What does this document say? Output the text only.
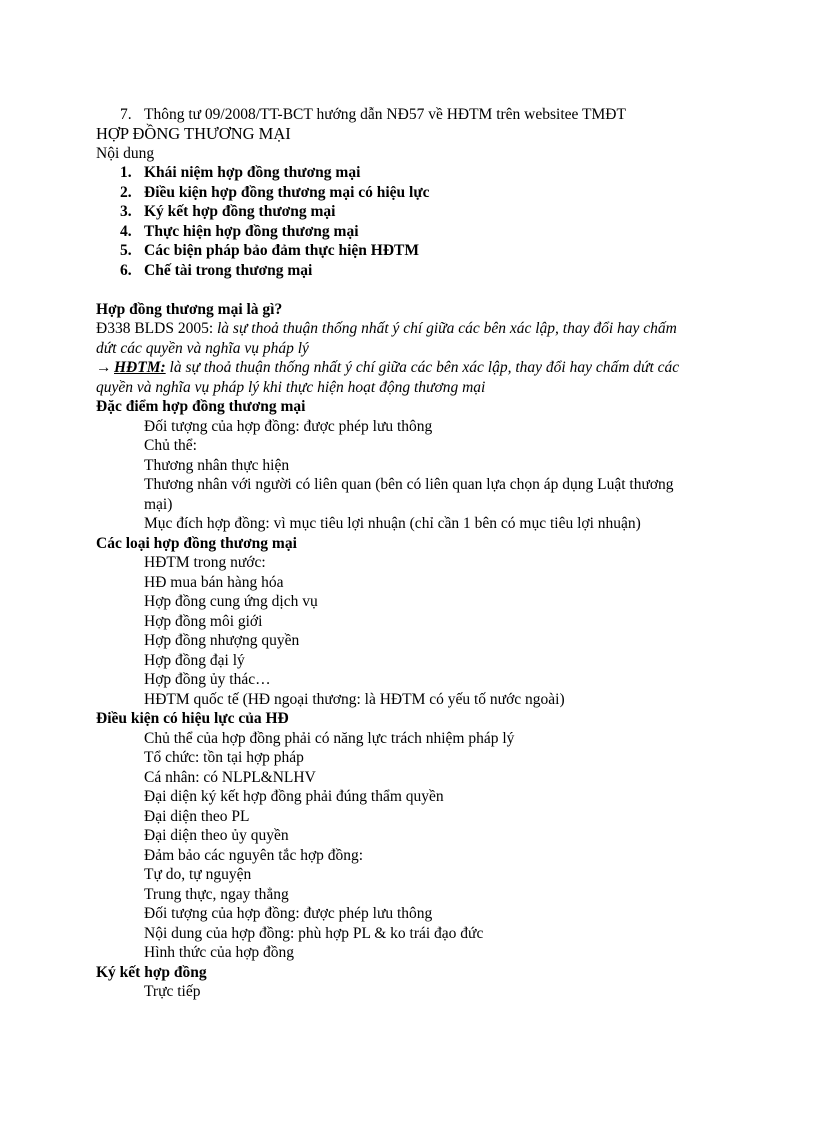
7. Thông tư 09/2008/TT-BCT hướng dẫn NĐ57 về HĐTM trên websitee TMĐT
HỢP ĐỒNG THƯƠNG MẠI
Nội dung
1. Khái niệm hợp đồng thương mại
2. Điều kiện hợp đồng thương mại có hiệu lực
3. Ký kết hợp đồng thương mại
4. Thực hiện hợp đồng thương mại
5. Các biện pháp bảo đảm thực hiện HĐTM
6. Chế tài trong thương mại
Hợp đồng thương mại là gì?
Đ338 BLDS 2005: là sự thoả thuận thống nhất ý chí giữa các bên xác lập, thay đổi hay chấm
dứt các quyền và nghĩa vụ pháp lý
→ HĐTM: là sự thoả thuận thống nhất ý chí giữa các bên xác lập, thay đổi hay chấm dứt các
quyền và nghĩa vụ pháp lý khi thực hiện hoạt động thương mại
Đặc điểm hợp đồng thương mại
Đối tượng của hợp đồng: được phép lưu thông
Chủ thể:
Thương nhân thực hiện
Thương nhân với người có liên quan (bên có liên quan lựa chọn áp dụng Luật thương
mại)
Mục đích hợp đồng: vì mục tiêu lợi nhuận (chỉ cần 1 bên có mục tiêu lợi nhuận)
Các loại hợp đồng thương mại
HĐTM trong nước:
HĐ mua bán hàng hóa
Hợp đồng cung ứng dịch vụ
Hợp đồng môi giới
Hợp đồng nhượng quyền
Hợp đồng đại lý
Hợp đồng ủy thác…
HĐTM quốc tế (HĐ ngoại thương: là HĐTM có yếu tố nước ngoài)
Điều kiện có hiệu lực của HĐ
Chủ thể của hợp đồng phải có năng lực trách nhiệm pháp lý
Tổ chức: tồn tại hợp pháp
Cá nhân: có NLPL&NLHV
Đại diện ký kết hợp đồng phải đúng thẩm quyền
Đại diện theo PL
Đại diện theo ủy quyền
Đảm bảo các nguyên tắc hợp đồng:
Tự do, tự nguyện
Trung thực, ngay thẳng
Đối tượng của hợp đồng: được phép lưu thông
Nội dung của hợp đồng: phù hợp PL & ko trái đạo đức
Hình thức của hợp đồng
Ký kết hợp đồng
Trực tiếp
